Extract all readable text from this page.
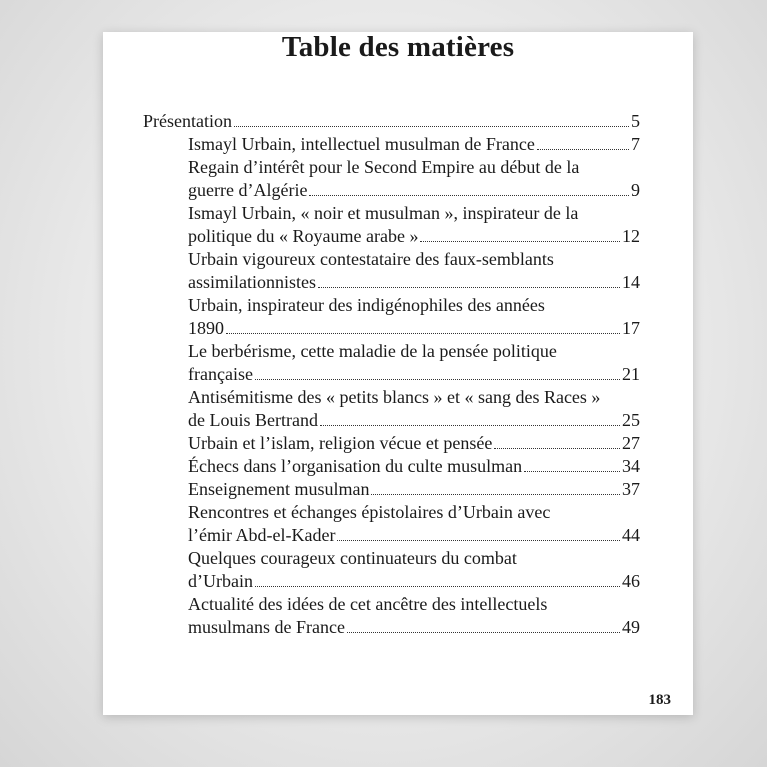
Table des matières
Présentation	5
Ismayl Urbain, intellectuel musulman de France	7
Regain d’intérêt pour le Second Empire au début de la
guerre d’Algérie	9
Ismayl Urbain, « noir et musulman », inspirateur de la
politique du « Royaume arabe »	12
Urbain vigoureux contestataire des faux-semblants
assimilationnistes	14
Urbain, inspirateur des indigénophiles des années
1890	17
Le berbérisme, cette maladie de la pensée politique
française	21
Antisémitisme des « petits blancs » et « sang des Races »
de Louis Bertrand	25
Urbain et l’islam, religion vécue et pensée	27
Échecs dans l’organisation du culte musulman	34
Enseignement musulman	37
Rencontres et échanges épistolaires d’Urbain avec
l’émir Abd-el-Kader	44
Quelques courageux continuateurs du combat
d’Urbain	46
Actualité des idées de cet ancêtre des intellectuels
musulmans de France	49
183
